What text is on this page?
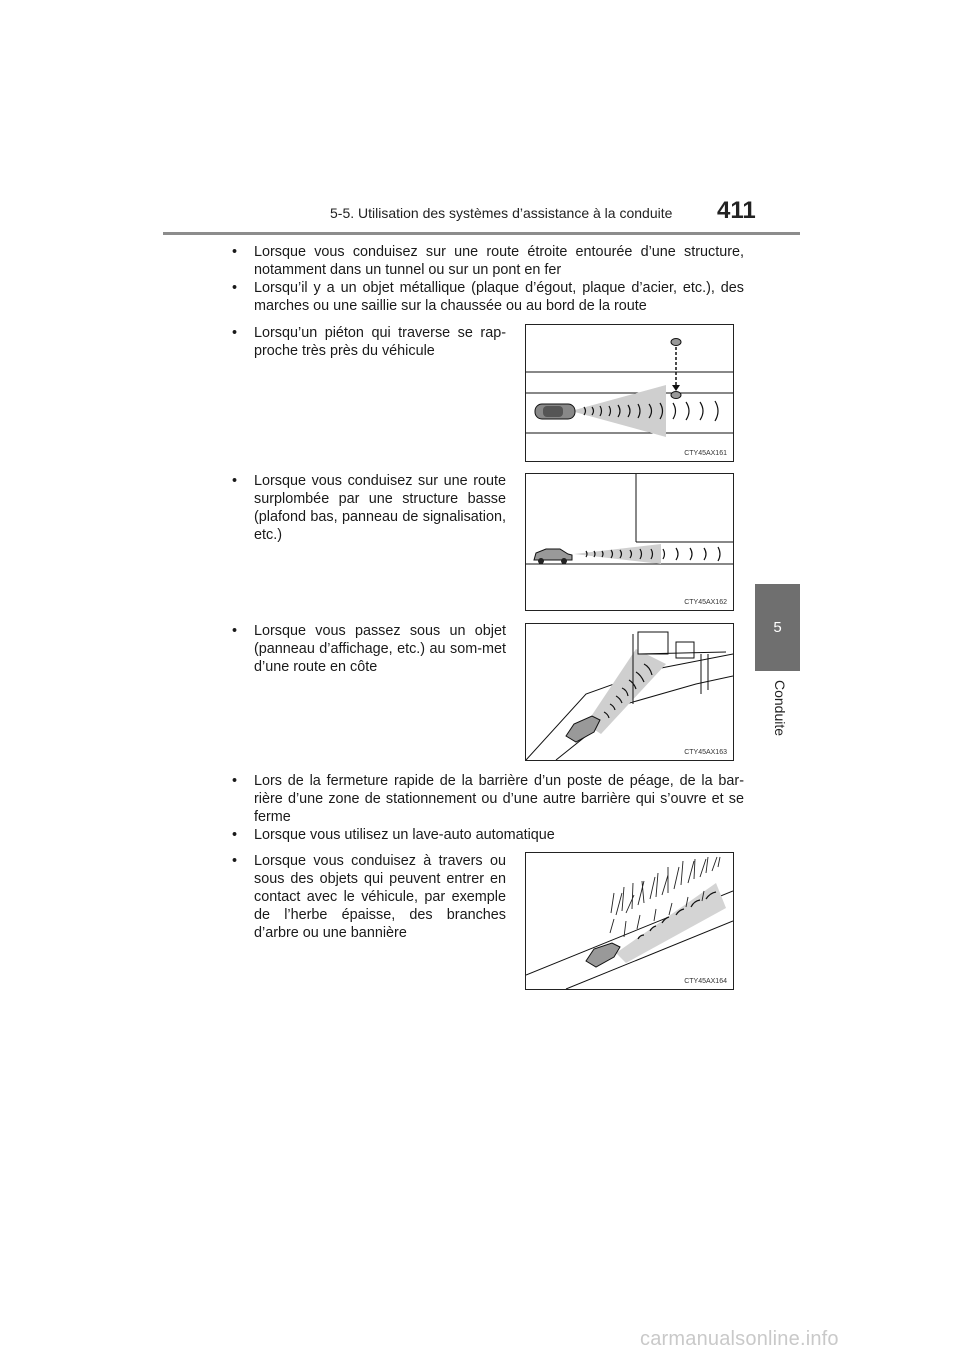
5-5. Utilisation des systèmes d’assistance à la conduite 411
5
Conduite
• Lorsque vous conduisez sur une route étroite entourée d’une structure, notamment dans un tunnel ou sur un pont en fer
• Lorsqu’il y a un objet métallique (plaque d’égout, plaque d’acier, etc.), des marches ou une saillie sur la chaussée ou au bord de la route
• Lorsqu’un piéton qui traverse se rap-proche très près du véhicule
• Lorsque vous conduisez sur une route surplombée par une structure basse (plafond bas, panneau de signalisation, etc.)
• Lorsque vous passez sous un objet (panneau d’affichage, etc.) au som-met d’une route en côte
• Lors de la fermeture rapide de la barrière d’un poste de péage, de la bar-rière d’une zone de stationnement ou d’une autre barrière qui s’ouvre et se ferme
• Lorsque vous utilisez un lave-auto automatique
• Lorsque vous conduisez à travers ou sous des objets qui peuvent entrer en contact avec le véhicule, par exemple de l’herbe épaisse, des branches d’arbre ou une bannière
CTY45AX161
CTY45AX162
CTY45AX163
CTY45AX164
carmanualsonline.info
